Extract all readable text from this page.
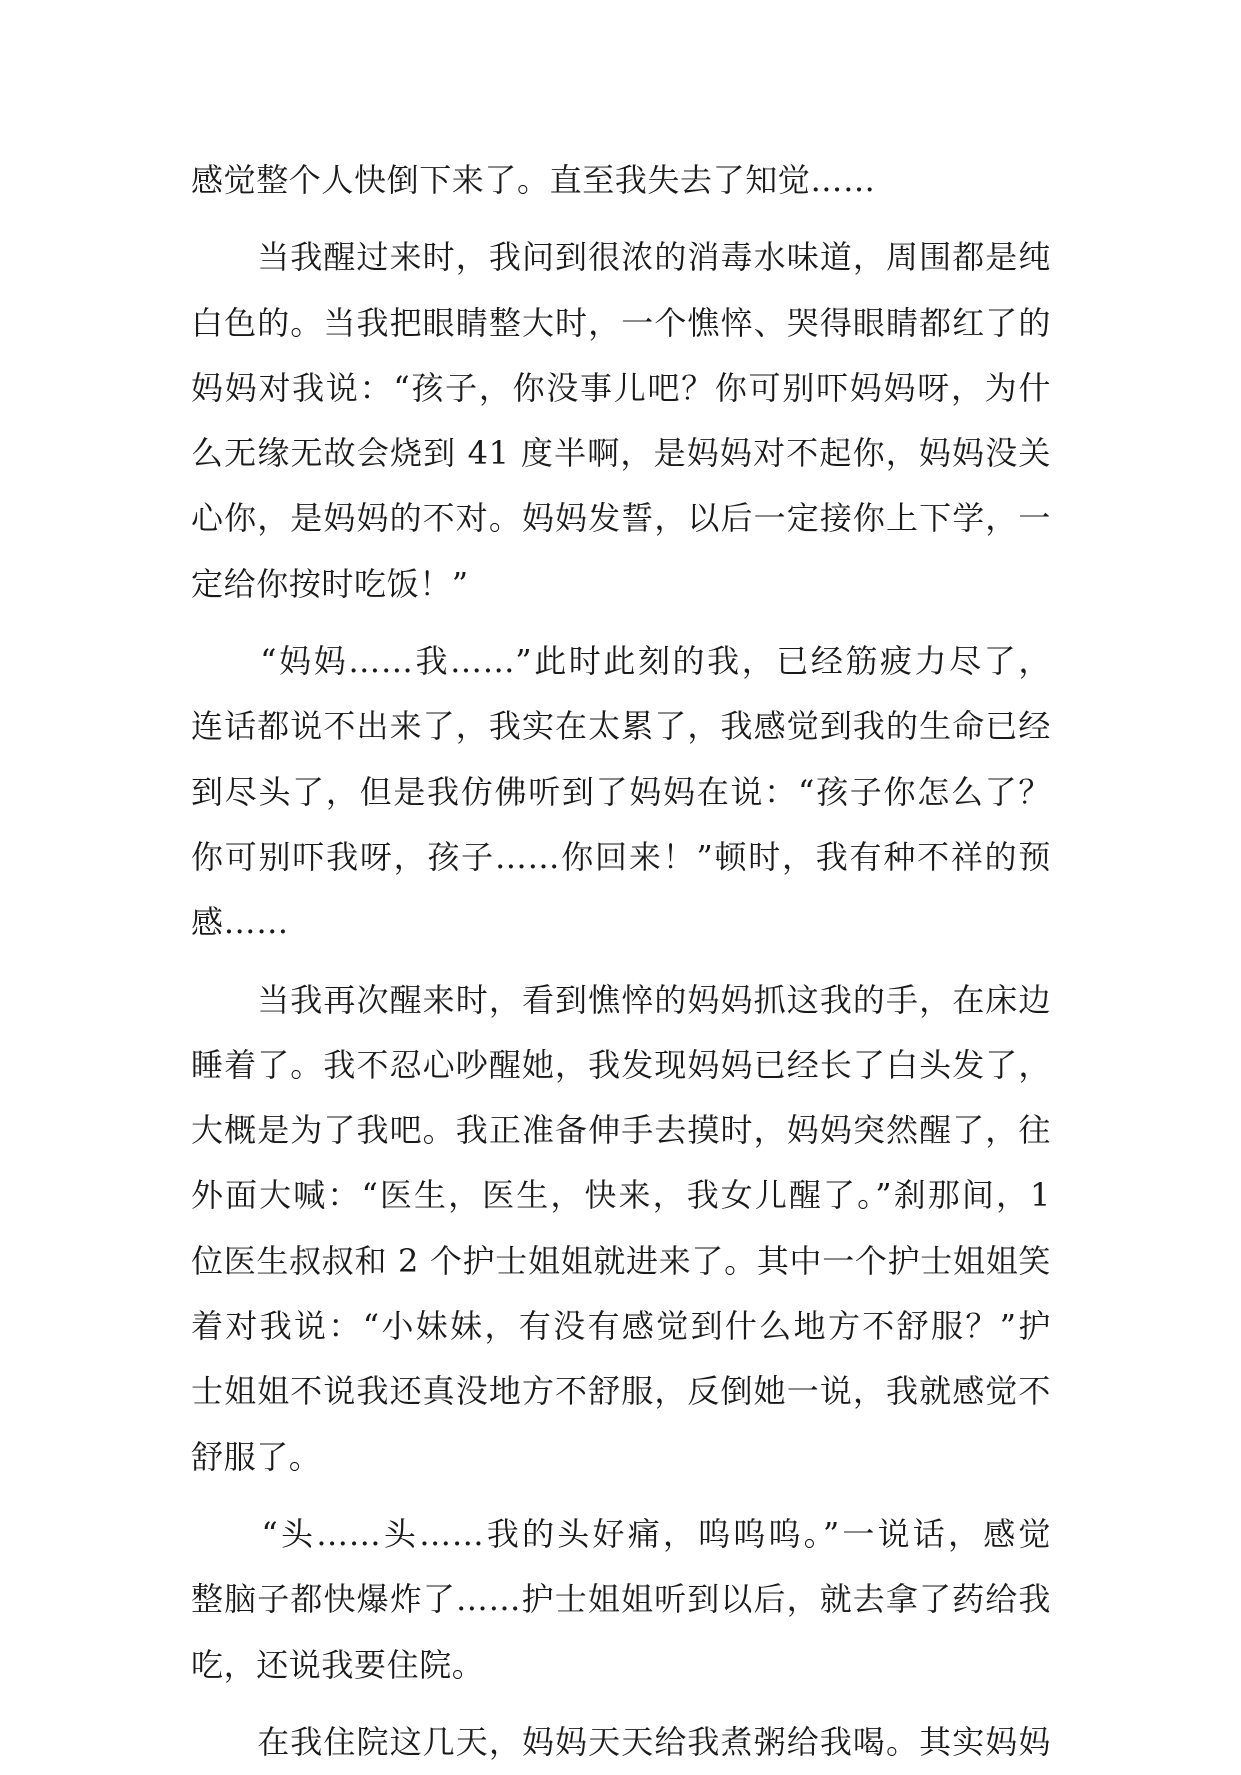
感觉整个人快倒下来了。直至我失去了知觉……
　　当我醒过来时，我问到很浓的消毒水味道，周围都是纯
白色的。当我把眼睛整大时，一个憔悴、哭得眼睛都红了的
妈妈对我说：“孩子，你没事儿吧？你可别吓妈妈呀，为什
么无缘无故会烧到 41 度半啊，是妈妈对不起你，妈妈没关
心你，是妈妈的不对。妈妈发誓，以后一定接你上下学，一
定给你按时吃饭！”
　　“妈妈……我……”此时此刻的我，已经筋疲力尽了，
连话都说不出来了，我实在太累了，我感觉到我的生命已经
到尽头了，但是我仿佛听到了妈妈在说：“孩子你怎么了？
你可别吓我呀，孩子……你回来！”顿时，我有种不祥的预
感……
　　当我再次醒来时，看到憔悴的妈妈抓这我的手，在床边
睡着了。我不忍心吵醒她，我发现妈妈已经长了白头发了，
大概是为了我吧。我正准备伸手去摸时，妈妈突然醒了，往
外面大喊：“医生，医生，快来，我女儿醒了。”刹那间，1
位医生叔叔和 2 个护士姐姐就进来了。其中一个护士姐姐笑
着对我说：“小妹妹，有没有感觉到什么地方不舒服？”护
士姐姐不说我还真没地方不舒服，反倒她一说，我就感觉不
舒服了。
　　“头……头……我的头好痛，呜呜呜。”一说话，感觉
整脑子都快爆炸了……护士姐姐听到以后，就去拿了药给我
吃，还说我要住院。
　　在我住院这几天，妈妈天天给我煮粥给我喝。其实妈妈
